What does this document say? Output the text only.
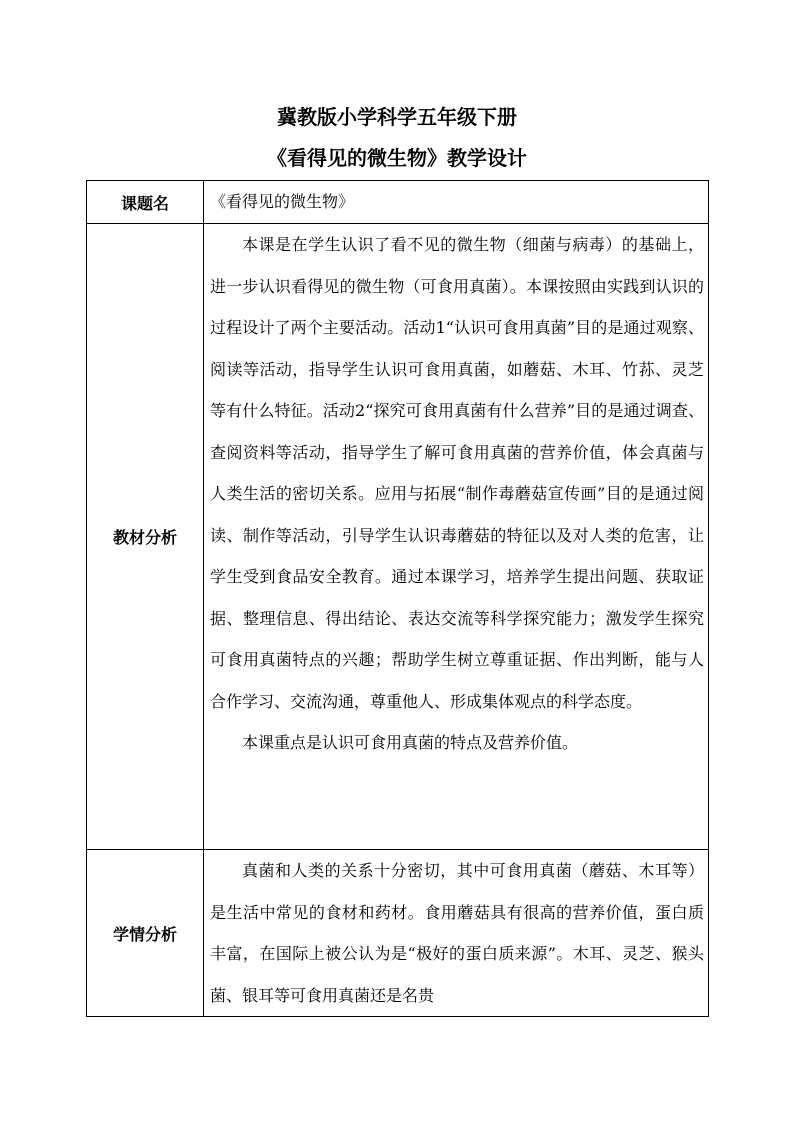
冀教版小学科学五年级下册
《看得见的微生物》教学设计
课题名	《看得见的微生物》
教材分析	本课是在学生认识了看不见的微生物（细菌与病毒）的基础上，进一步认识看得见的微生物（可食用真菌）。本课按照由实践到认识的过程设计了两个主要活动。活动1“认识可食用真菌”目的是通过观察、阅读等活动，指导学生认识可食用真菌，如蘑菇、木耳、竹荪、灵芝等有什么特征。活动2“探究可食用真菌有什么营养”目的是通过调查、查阅资料等活动，指导学生了解可食用真菌的营养价值，体会真菌与人类生活的密切关系。应用与拓展“制作毒蘑菇宣传画”目的是通过阅读、制作等活动，引导学生认识毒蘑菇的特征以及对人类的危害，让学生受到食品安全教育。通过本课学习，培养学生提出问题、获取证据、整理信息、得出结论、表达交流等科学探究能力；激发学生探究可食用真菌特点的兴趣；帮助学生树立尊重证据、作出判断，能与人合作学习、交流沟通，尊重他人、形成集体观点的科学态度。

本课重点是认识可食用真菌的特点及营养价值。

学情分析	真菌和人类的关系十分密切，其中可食用真菌（蘑菇、木耳等）是生活中常见的食材和药材。食用蘑菇具有很高的营养价值，蛋白质丰富，在国际上被公认为是“极好的蛋白质来源”。木耳、灵芝、猴头菌、银耳等可食用真菌还是名贵
